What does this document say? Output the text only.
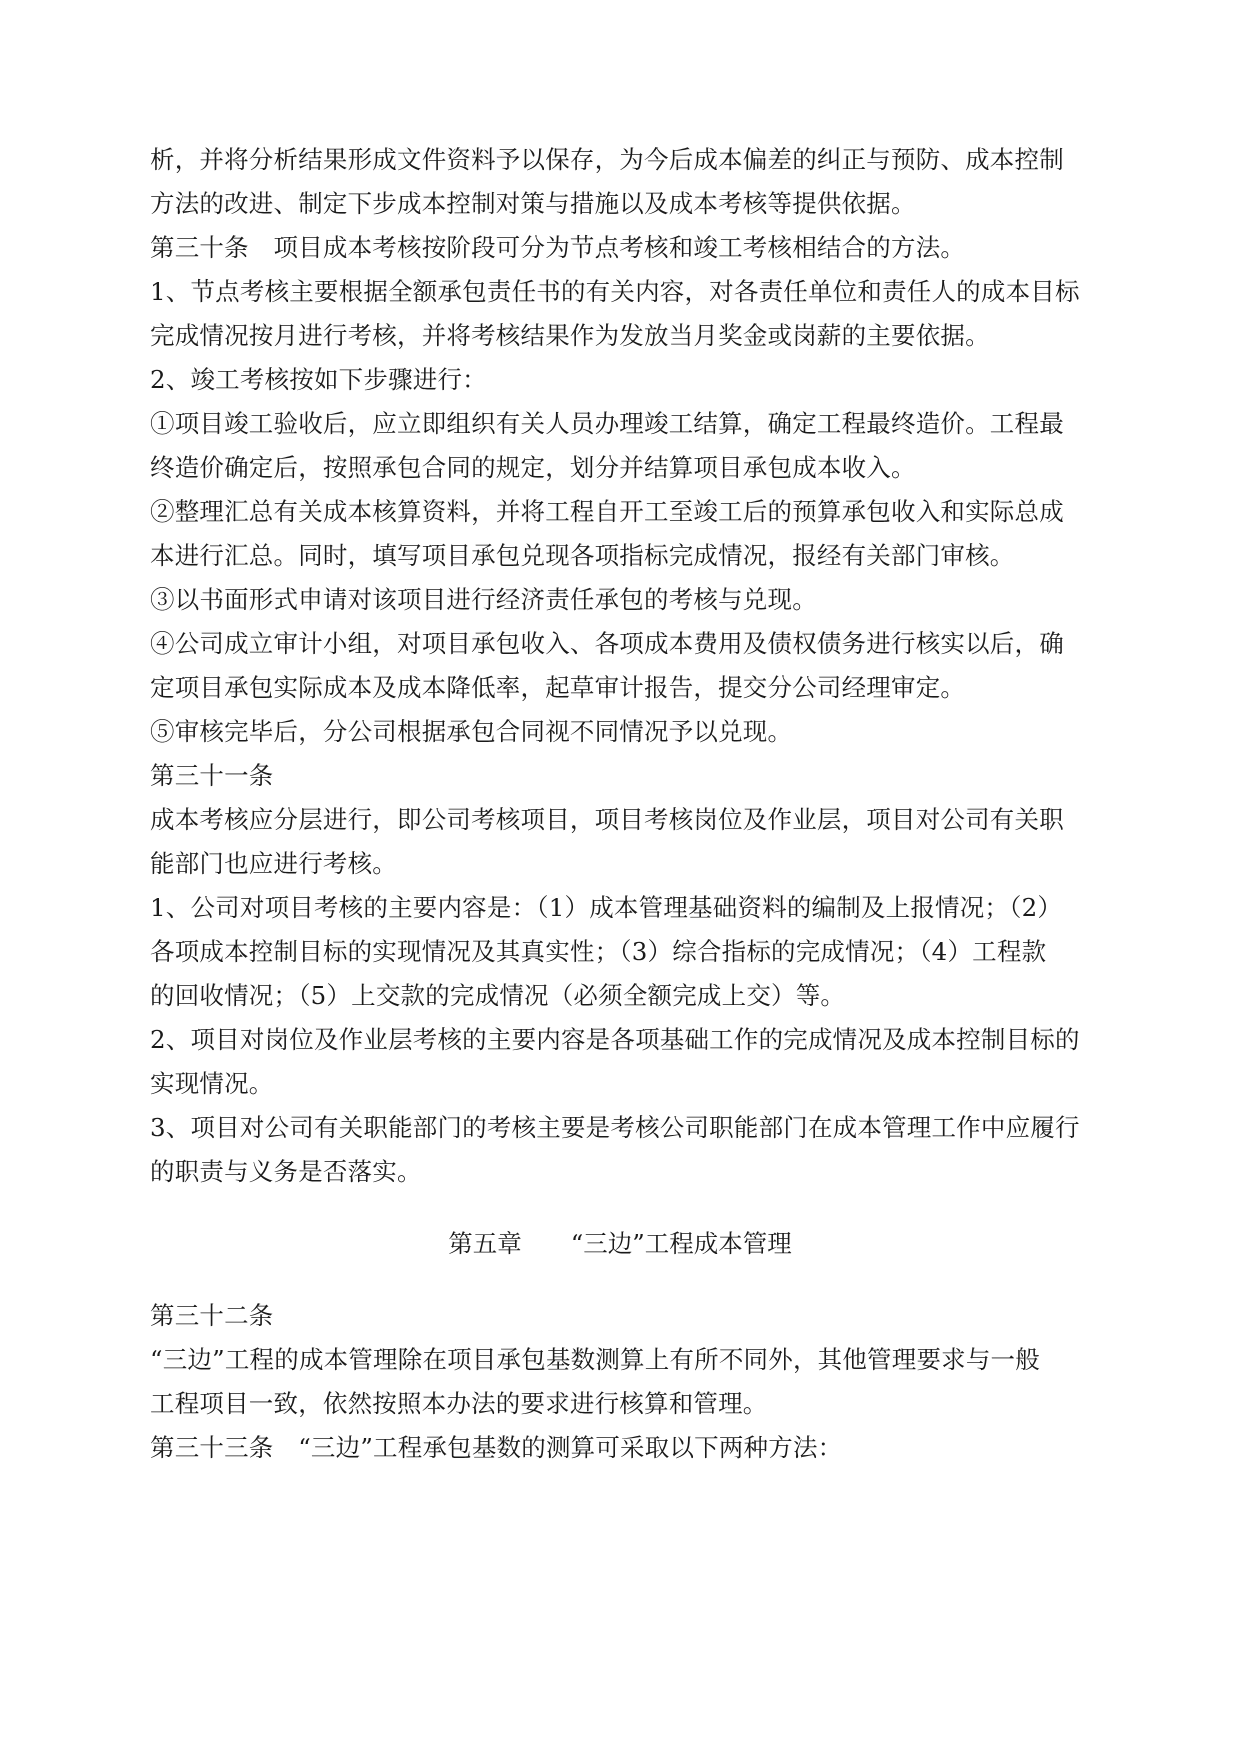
析，并将分析结果形成文件资料予以保存，为今后成本偏差的纠正与预防、成本控制
方法的改进、制定下步成本控制对策与措施以及成本考核等提供依据。
第三十条　项目成本考核按阶段可分为节点考核和竣工考核相结合的方法。
1、节点考核主要根据全额承包责任书的有关内容，对各责任单位和责任人的成本目标
完成情况按月进行考核，并将考核结果作为发放当月奖金或岗薪的主要依据。
2、竣工考核按如下步骤进行：
①项目竣工验收后，应立即组织有关人员办理竣工结算，确定工程最终造价。工程最
终造价确定后，按照承包合同的规定，划分并结算项目承包成本收入。
②整理汇总有关成本核算资料，并将工程自开工至竣工后的预算承包收入和实际总成
本进行汇总。同时，填写项目承包兑现各项指标完成情况，报经有关部门审核。
③以书面形式申请对该项目进行经济责任承包的考核与兑现。
④公司成立审计小组，对项目承包收入、各项成本费用及债权债务进行核实以后，确
定项目承包实际成本及成本降低率，起草审计报告，提交分公司经理审定。
⑤审核完毕后，分公司根据承包合同视不同情况予以兑现。
第三十一条
成本考核应分层进行，即公司考核项目，项目考核岗位及作业层，项目对公司有关职
能部门也应进行考核。
1、公司对项目考核的主要内容是：（1）成本管理基础资料的编制及上报情况；（2）
各项成本控制目标的实现情况及其真实性；（3）综合指标的完成情况；（4）工程款
的回收情况；（5）上交款的完成情况（必须全额完成上交）等。
2、项目对岗位及作业层考核的主要内容是各项基础工作的完成情况及成本控制目标的
实现情况。
3、项目对公司有关职能部门的考核主要是考核公司职能部门在成本管理工作中应履行
的职责与义务是否落实。
第五章　　“三边”工程成本管理
第三十二条
“三边”工程的成本管理除在项目承包基数测算上有所不同外，其他管理要求与一般
工程项目一致，依然按照本办法的要求进行核算和管理。
第三十三条　“三边”工程承包基数的测算可采取以下两种方法：
